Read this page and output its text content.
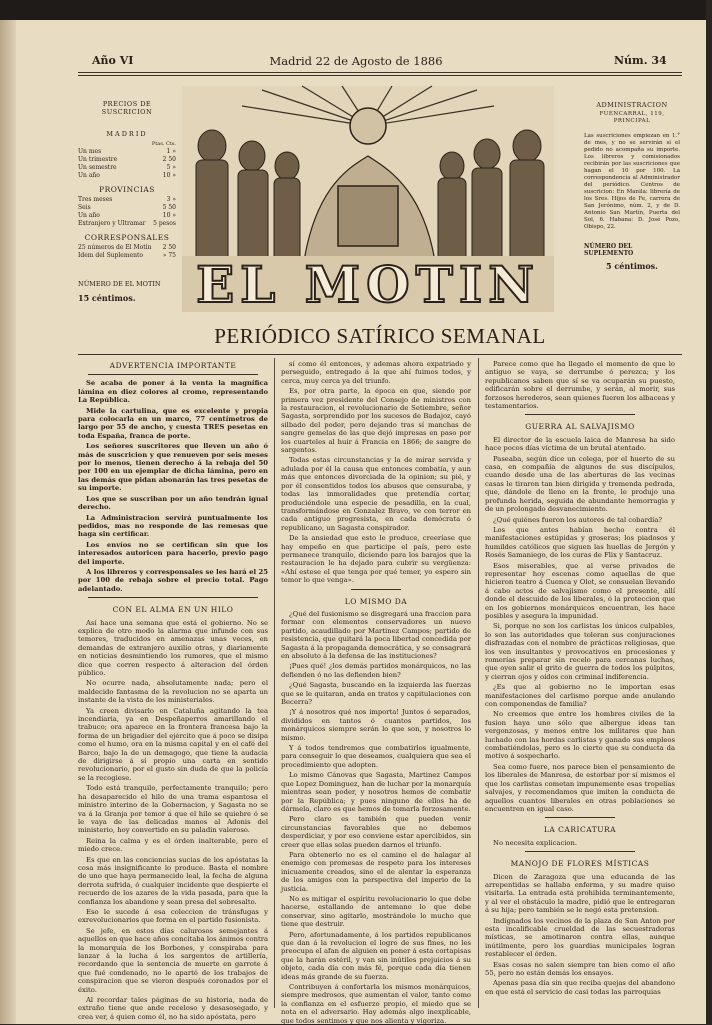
Año VI	Madrid 22 de Agosto de 1886	Núm. 34
PRECIOS DE SUSCRICION
MADRID
Ptas. Cts.
Un mes	1 »
Un trimestre	2 50
Un semestre	5 »
Un año	10 »
PROVINCIAS
Tres meses	3 »
Seis	5 50
Un año	10 »
Extranjero y Ultramar 5 pesos
CORRESPONSALES
25 números de El Motín 2 50
Idem del Suplemento	» 75
NÚMERO DE EL MOTIN
15 céntimos.
ADMINISTRACION
FUENCARRAL, 119, PRINCIPAL
Las suscriciones empiezan en 1.° de mes, y no se servirán si el pedido no acompaña su importe. Los libreros y comisionados recibirán por las suscriciones que hagan el 10 por 100. La correspondencia al Administrador del periódico. Centros de suscricion: En Manila: librería de los Sres. Hijos de Fe, carrera de San Jerónimo, núm. 2, y de D. Antonio San Martín, Puerta del Sol, 6. Habana: D. José Pozo, Obispo, 22.
NÚMERO DEL SUPLEMENTO
5 céntimos.
EL MOTIN
PERIÓDICO SATÍRICO SEMANAL
ADVERTENCIA IMPORTANTE

Se acaba de poner á la venta la magnífica lámina en diez colores al cromo, representando La República.

Mide la cartulina, que es excelente y propia para colocarla en un marco, 77 centímetros de largo por 55 de ancho, y cuesta TRES pesetas en toda España, franca de porte.

Los señores suscritores que lleven un año ó más de suscricion y que renueven por seis meses por lo menos, tienen derecho á la rebaja del 50 por 100 en un ejemplar de dicha lámina, pero en las demás que pidan abonarán las tres pesetas de su importe.

Los que se suscriban por un año tendrán igual derecho.

La Administracion servirá puntualmente los pedidos, mas no responde de las remesas que haga sin certificar.

Los envíos no se certifican sin que los interesados autoricen para hacerlo, previo pago del importe.

A los libreros y corresponsales se les hará el 25 por 100 de rebaja sobre el precio total. Pago adelantado.

CON EL ALMA EN UN HILO

Así hace una semana que está el gobierno. No se explica de otro modo la alarma que infunde con sus temores, traducidos en amenazas unas veces, en demandas de extranjero auxilio otras, y diariamente en noticias desmintiendo los rumores, que el mismo dice que corren respecto á alteracion del órden público.

No ocurre nada, absolutamente nada; pero el maldecido fantasma de la revolucion no se aparta un instante de la vista de los ministeriales.

Ya creen divisarlo en Cataluña agitando la tea incendiaria, ya en Despeñaperros amarillando el trabuco; ora aparece en la frontera francesa bajo la forma de un brigadier del ejército que á poco se disipa como el humo, ora en la misma capital y en el café del Barco, bajo la de un demagogo, que tiene la audacia de dirigirse á sí propio una carta en sentido revolucionario, por el gusto sin duda de que la policía se la recogiese.

Todo está tranquilo, perfectamente tranquilo; pero ha desaparecido el hilo de una trama espantosa el ministro interino de la Gobernacion, y Sagasta no se va á la Granja por temor á que el hilo se quiebre ó se le vaya de las delicadas manos al Adonis del ministerio, hoy convertido en su paladin valeroso.

Reina la calma y es el órden inalterable, pero el miedo crece.

Es que en las conciencias sucias de los apóstatas la cosa más insignificante lo produce. Basta el nombre de uno que haya permanecido leal, la fecha de alguna derrota sufrida, ó cualquier incidente que despierte el recuerdo de los azares de la vida pasada, para que la confianza los abandone y sean presa del sobresalto.

Eso le sucede á esa coleccion de tránsfugas y exrevolucionarios que forma en el partido fusionista.

Se jefe, en estos días calurosos semejantes á aquellos en que hace años concitaba los ánimos contra la monarquía de los Borbones, y conspiraba para lanzar á la lucha á los sargentos de artillería, recordando que la sentencia de muerte en garrote á que fué condenado, no le apartó de los trabajos de conspiracion que se vieron después coronados por el éxito.

Al recordar tales páginas de su historia, nada de extraño tiene que ande receloso y desasosegado, y crea ver, á quien como él, no ha sido apóstata, pero

sí como él entonces, y ademas ahora expatriado y perseguido, entregado á la que ahí fuimos todos, y cerca, muy cerca ya del triunfo.

Es, por otra parte, la época en que, siendo por primera vez presidente del Consejo de ministros con la restauracion, el revolucionario de Setiembre, señor Sagasta, sorprendido por los sucesos de Badajoz, cayó silbado del poder, pero dejando tras sí manchas de sangre gemelas de las que dejó impresas en paso por los cuarteles al huir á Francia en 1866; de sangre de sargentos.

Todas estas circunstancias y la de mirar servida y adulada por él la causa que entonces combatía, y aun más que entonces divorciada de la opinion; su pié, y por él consentidos todos los abusos que censuraba, y todas las inmoralidades que pretendía cortar, produciéndole una especie de pesadilla, en la cual, transformándose en Gonzalez Bravo, ve con terror en cada antiguo progresista, en cada demócrata ó republicano, un Sagasta conspirador.

De la ansiedad que esto le produce, creeríase que hay empeño en que participe el país, pero este permanece tranquilo, diciendo para los barajos que la restauracion le ha dejado para cubrir su vergüenza: «Ahí estese el que tenga por qué temer, yo espero sin temor lo que venga».

LO MISMO DA

¿Qué del fusionismo se disgregará una fraccion para formar con elementos conservadores un nuevo partido, acaudillado por Martinez Campos; partido de resistencia, que quitará la poca libertad concedida por Sagasta á la propaganda democrática, y se consagrará en absoluto á la defensa de las instituciones?

¡Pues qué! ¿los demás partidos monárquicos, no las defienden ó no las defienden bien?

¿Qué Sagasta, buscando en la izquierda las fuerzas que se le quitaran, anda en tratos y capitulaciones con Becerra?

¡Y á nosotros qué nos importa! Juntos ó separados, divididos en tantos ó cuantos partidos, los monárquicos siempre serán lo que son, y nosotros lo mismo.

Y á todos tendremos que combatirlos igualmente, para conseguir lo que deseamos, cualquiera que sea el procedimiento que adopten.

Lo mismo Cánovas que Sagasta, Martinez Campos que Lopez Dominguez, han de luchar por la monarquía mientras sean poder, y nosotros hemos de combatir por la República; y pues ninguno de ellos ha de dármela, claro es que hemos de tomarla forzosamente.

Pero claro es también que pueden venir circunstancias favorables que no debemos desperdiciar, y por eso conviene estar apercibidos, sin creer que ellas solas pueden darnos el triunfo.

Para obtenerlo no es el camino el de halagar al enemigo con promesas de respeto para los intereses inicuamente creados, sino el de alentar la esperanza de los amigos con la perspectiva del imperio de la justicia.

No es mitigar el espíritu revolucionario lo que debe hacerse, estallando de antemano lo que debe conservar, sino agitarlo, mostrándole lo mucho que tiene que destruir.

Pero, afortunadamente, á los partidos republicanos que dan á la revolucion el logro de sus fines, no les preocupa el afan de alguien en poner á esta cortapisas que la harán estéril, y van sin inútiles prejuicios á su objeto, cada día con más fé, porque cada día tienen ideas más grande de su fuerza.

Contribuyen á confortarla los mismos monárquicos, siempre medrosos, que aumentan el valor, tanto como la confianza en el esfuerzo propio, el miedo que se nota en el adversario. Hay además algo inexplicable, que todos sentimos y que nos alienta y vigoriza.

Parece como que ha llegado el momento de que lo antiguo se vaya, se derrumbe ó perezca; y los republicanos saben que sí se va ocuparán su puesto, edificarán sobre el derrumbe, y serán, al morir, sus forzosos herederos, sean quienes fueren los albaceas y testamentarios.

GUERRA AL SALVAJISMO

El director de la escuela laica de Manresa ha sido hace pocos días víctima de un brutal atentado.

Paseaba, según dice un colega, por el huerto de su casa, en compañía de algunos de sus discípulos, cuando desde una de las aberturas de las vecinas casas le tiraron tan bien dirigida y tremenda pedrada, que, dándole de lleno en la frente, le produjo una profunda herida, seguida de abundante hemorragia y de un prolongado desvanecimiento.

¿Qué quiénes fueron los autores de tal cobardía?

Los que antes habían hecho contra él manifestaciones estúpidas y groseras; los piadosos y humildes católicos que siguen las huellas de Jergón y Rosés Samaniego, de los curas de Flix y Santacruz.

Esos miserables, que al verse privados de representar hoy escenas como aquellas de que hicieron teatro á Cuenca y Olot, se consuelan llevando á cabo actos de salvajismo como el presente, allí donde el descuido de los liberales, ó la proteccion que en los gobiernos monárquicos encuentran, les hace posibles y asegura la impunidad.

Si, porque no son los carlistas los únicos culpables, lo son las autoridades que toleran sus conjuraciones disfrazadas con el nombre de prácticas religiosas, que los ven insultantes y provocativos en procesiones y romerías preparar sin recelo para cercanas luchas, que oyen salir el grito de guerra de todos los púlpitos, y cierran ojos y oídos con criminal indiferencia.

¿Es que al gobierno no le importan esas manifestaciones del carlismo porque ande anulando con componendas de familia?

No creemos que entre los hombres civiles de la fusion haya uno sólo que albergue ideas tan vergonzosas, y menos entre los militares que han luchado con las hordas carlistas y ganado sus empleos combatiéndolas, pero es lo cierto que su conducta da motivo á sospecharlo.

Sea como fuere, nos parece bien el pensamiento de los liberales de Manresa, de estorbar por sí mismos el que los carlistas cometan impunemente esas tropelías salvajes, y recomendamos que imiten la conducta de aquellos cuantos liberales en otras poblaciones se encuentren en igual caso.

LA CARICATURA

No necesita explicacion.

MANOJO DE FLORES MÍSTICAS

Dicen de Zaragoza que una educanda de las arrepentidas se hallaba enferma, y su madre quiso visitarla. La entrada está prohibida terminantemente, y al ver el obstáculo la madre, pidió que le entregaran á su hija; pero también se le negó esta pretension.

Indígnados los vecinos de la plaza de San Anton por esta incalificable crueldad de las secuestradoras místicas, se amotinaron contra ellas, aunque inútilmente, pero los guardias municipales logran restablecer el órden.

Esas cosas no salen siempre tan bien como el año 55, pero no están demás los ensayos.

Apenas pasa día sin que reciba quejas del abandono en que está el servicio de casi todas las parroquias
